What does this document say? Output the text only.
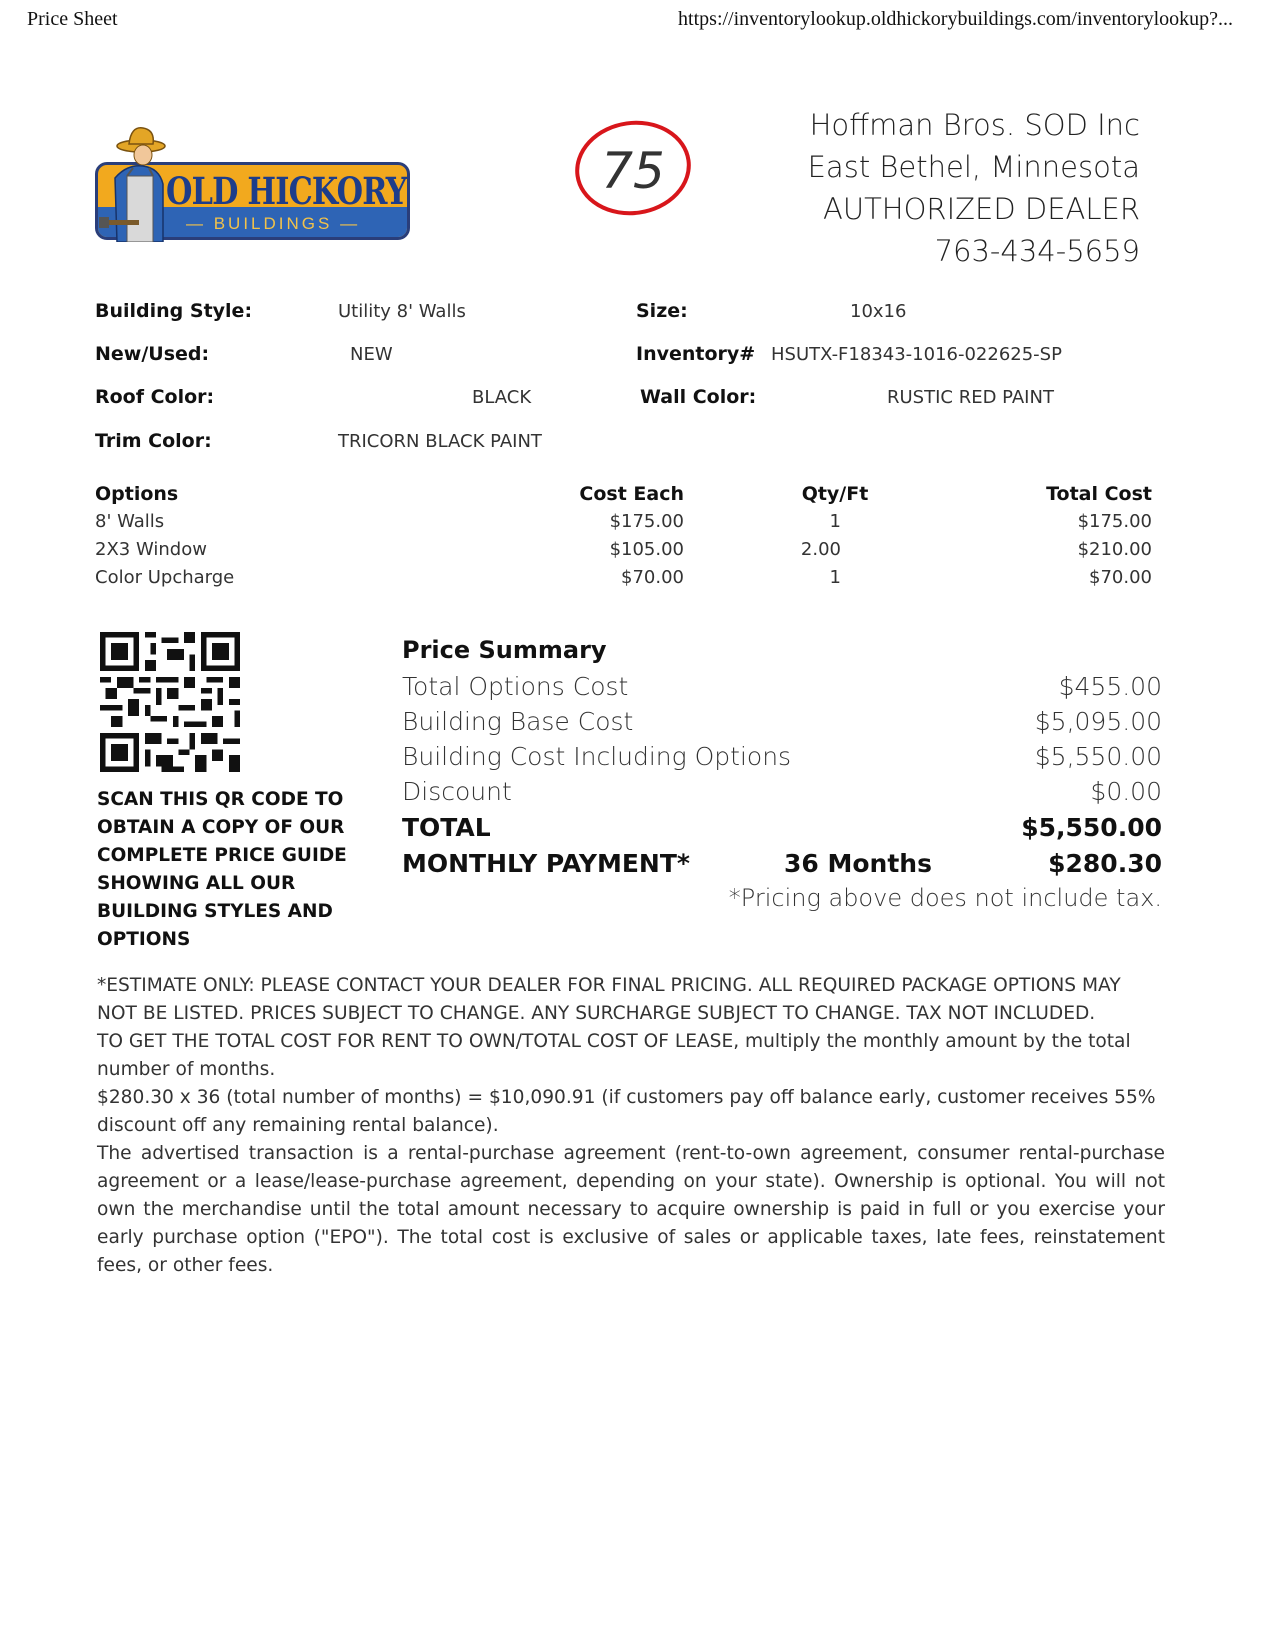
Price Sheet	https://inventorylookup.oldhickorybuildings.com/inventorylookup?...
OLD HICKORY
— BUILDINGS —
75
Hoffman Bros. SOD Inc
East Bethel, Minnesota
AUTHORIZED DEALER
763-434-5659
Building Style:	Utility 8' Walls	Size:	10x16
New/Used:	NEW	Inventory# HSUTX-F18343-1016-022625-SP
Roof Color:	BLACK	Wall Color:	RUSTIC RED PAINT
Trim Color:	TRICORN BLACK PAINT
Options	Cost Each	Qty/Ft	Total Cost
8' Walls	$175.00	1	$175.00
2X3 Window	$105.00	2.00	$210.00
Color Upcharge	$70.00	1	$70.00
SCAN THIS QR CODE TO OBTAIN A COPY OF OUR COMPLETE PRICE GUIDE SHOWING ALL OUR BUILDING STYLES AND OPTIONS
Price Summary
Total Options Cost	$455.00
Building Base Cost	$5,095.00
Building Cost Including Options	$5,550.00
Discount	$0.00
TOTAL	$5,550.00
MONTHLY PAYMENT*	36 Months	$280.30
*Pricing above does not include tax.

*ESTIMATE ONLY: PLEASE CONTACT YOUR DEALER FOR FINAL PRICING. ALL REQUIRED PACKAGE OPTIONS MAY NOT BE LISTED. PRICES SUBJECT TO CHANGE. ANY SURCHARGE SUBJECT TO CHANGE. TAX NOT INCLUDED.

TO GET THE TOTAL COST FOR RENT TO OWN/TOTAL COST OF LEASE, multiply the monthly amount by the total number of months.

$280.30 x 36 (total number of months) = $10,090.91 (if customers pay off balance early, customer receives 55% discount off any remaining rental balance).

The advertised transaction is a rental-purchase agreement (rent-to-own agreement, consumer rental-purchase agreement or a lease/lease-purchase agreement, depending on your state). Ownership is optional. You will not own the merchandise until the total amount necessary to acquire ownership is paid in full or you exercise your early purchase option ("EPO"). The total cost is exclusive of sales or applicable taxes, late fees, reinstatement fees, or other fees.
